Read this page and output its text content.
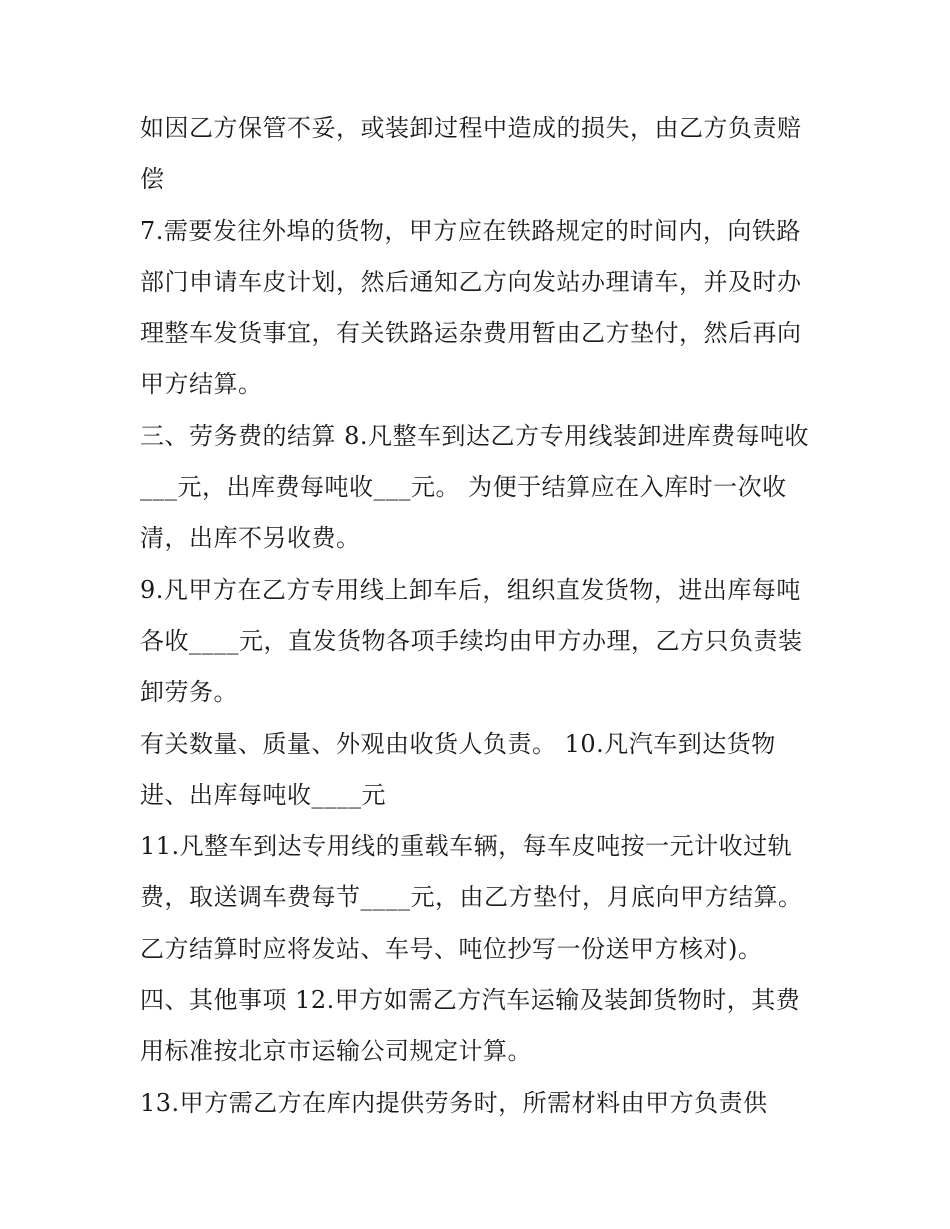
如因乙方保管不妥，或装卸过程中造成的损失，由乙方负责赔
偿
7.需要发往外埠的货物，甲方应在铁路规定的时间内，向铁路
部门申请车皮计划，然后通知乙方向发站办理请车，并及时办
理整车发货事宜，有关铁路运杂费用暂由乙方垫付，然后再向
甲方结算。
三、劳务费的结算 8.凡整车到达乙方专用线装卸进库费每吨收
___元，出库费每吨收___元。 为便于结算应在入库时一次收
清，出库不另收费。
9.凡甲方在乙方专用线上卸车后，组织直发货物，进出库每吨
各收____元，直发货物各项手续均由甲方办理，乙方只负责装
卸劳务。
有关数量、质量、外观由收货人负责。 10.凡汽车到达货物
进、出库每吨收____元
11.凡整车到达专用线的重载车辆，每车皮吨按一元计收过轨
费，取送调车费每节____元，由乙方垫付，月底向甲方结算。
乙方结算时应将发站、车号、吨位抄写一份送甲方核对)。
四、其他事项 12.甲方如需乙方汽车运输及装卸货物时，其费
用标准按北京市运输公司规定计算。
13.甲方需乙方在库内提供劳务时，所需材料由甲方负责供
